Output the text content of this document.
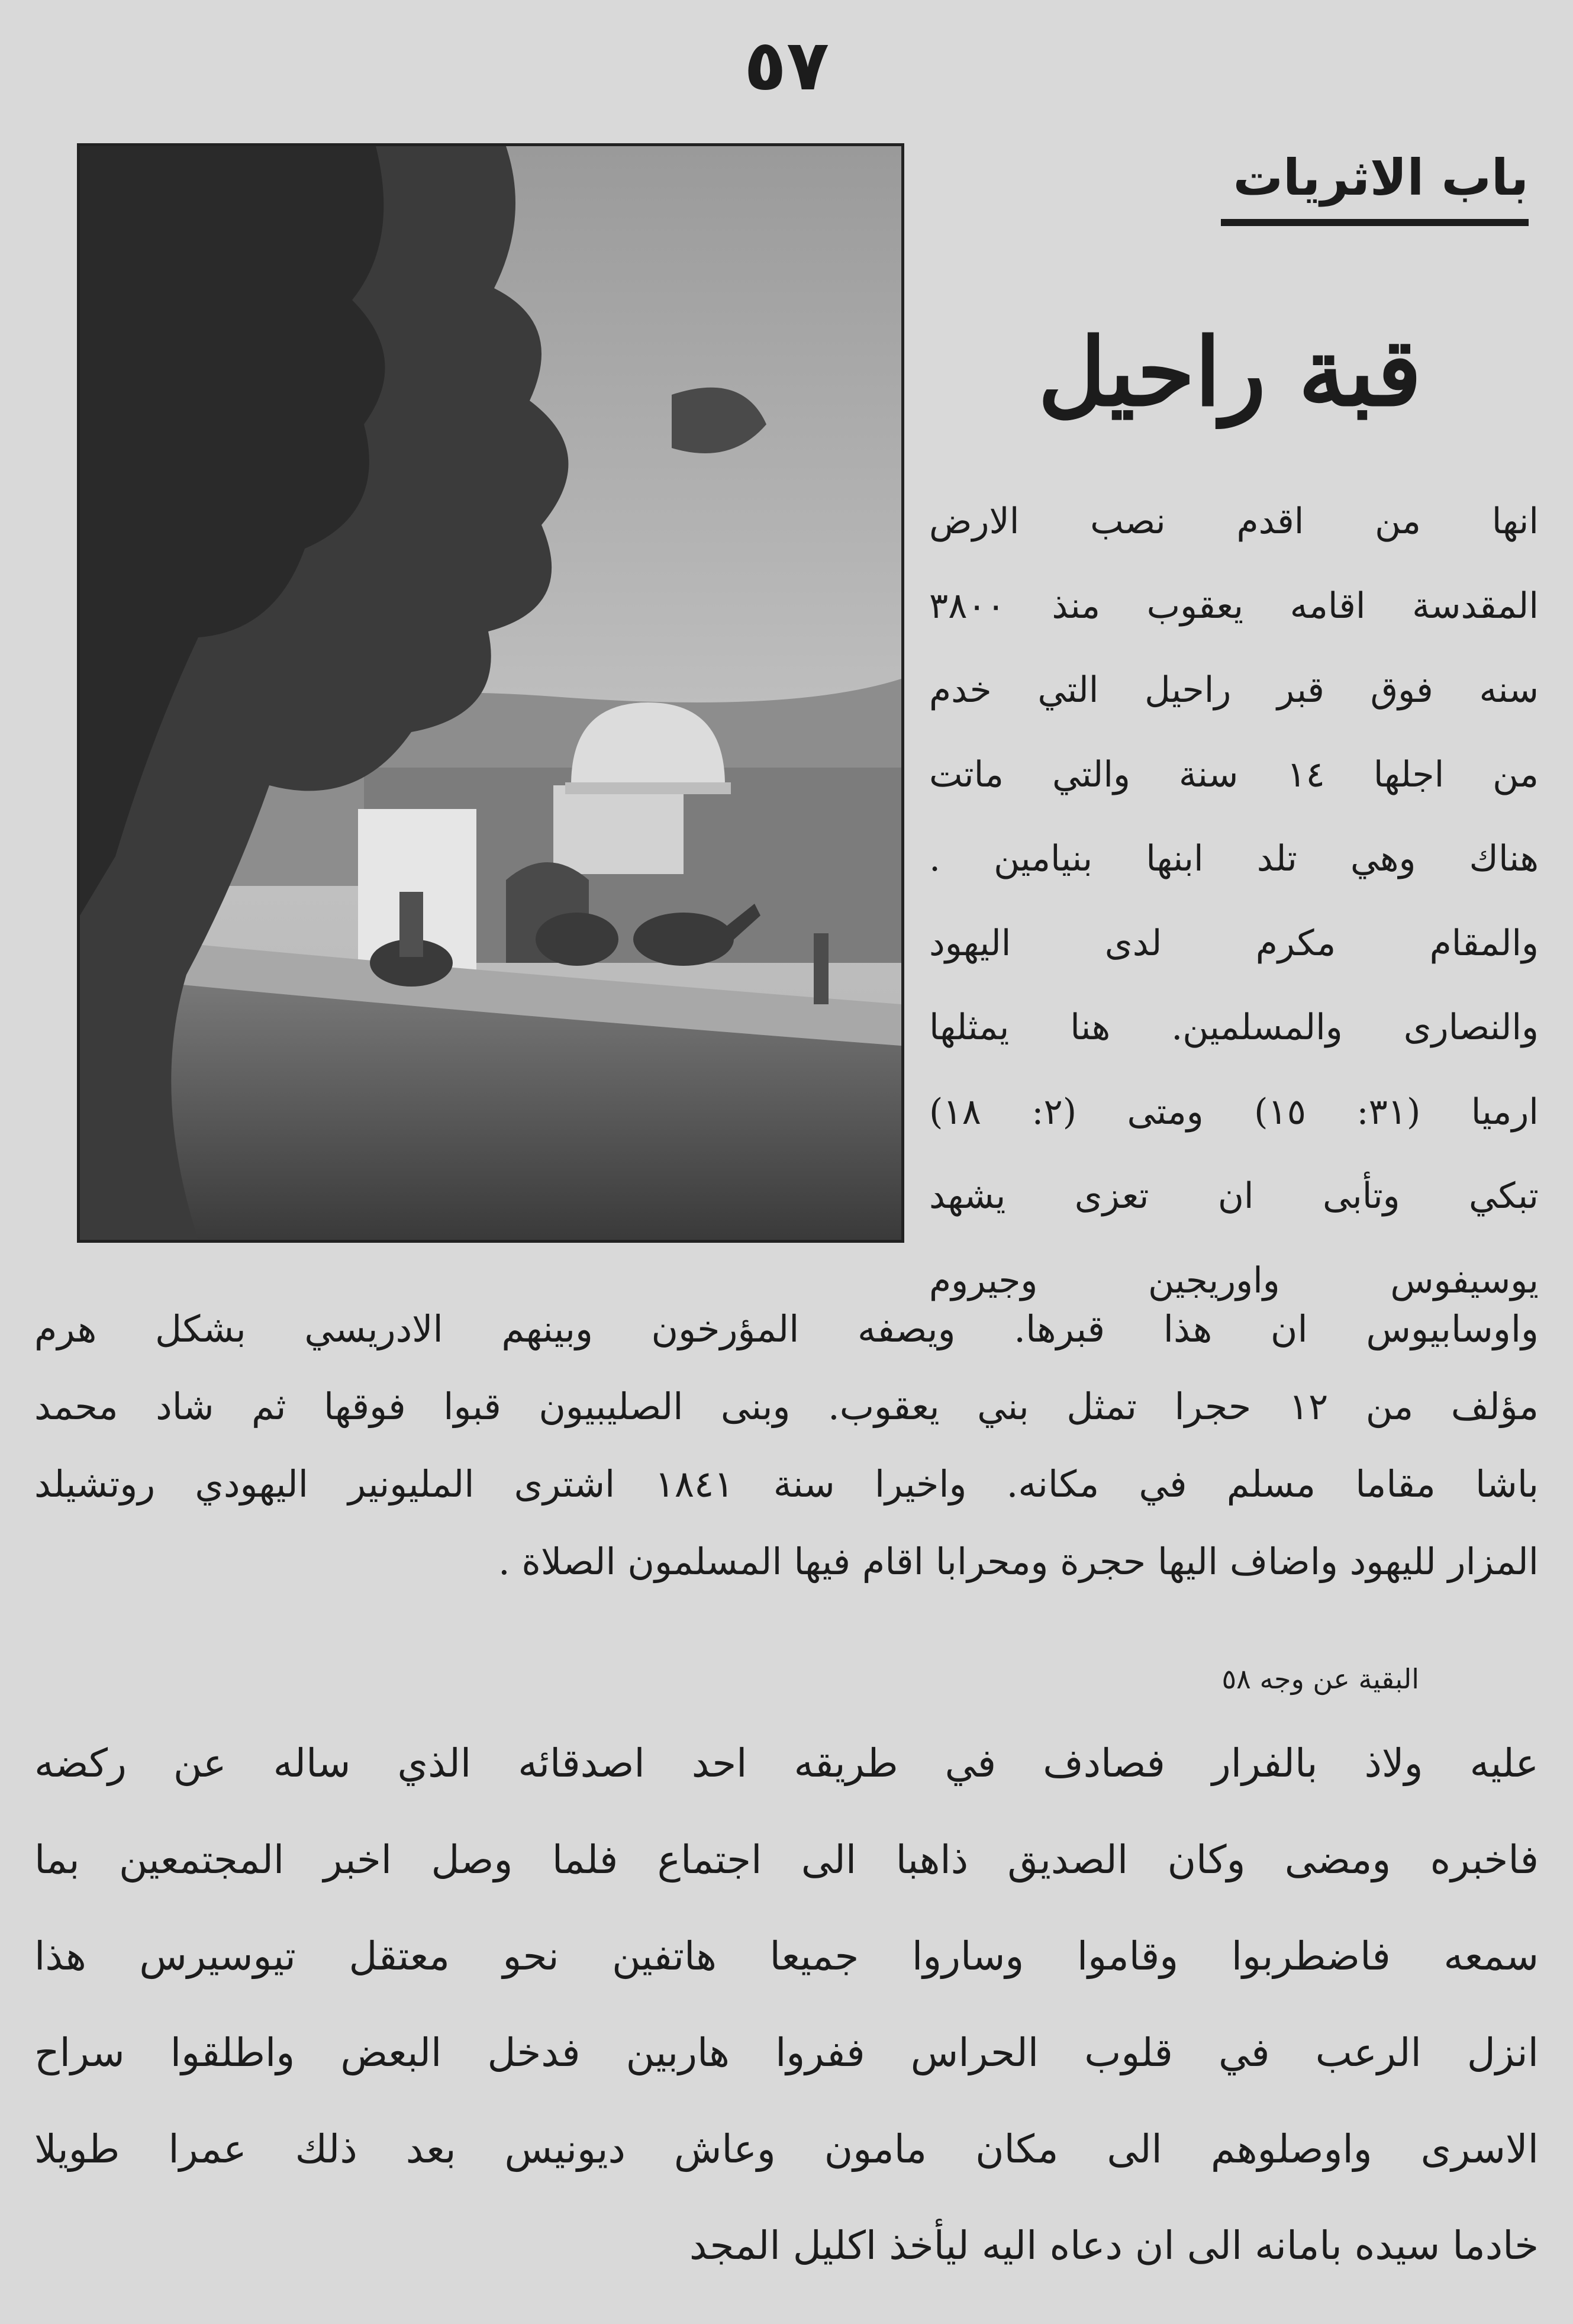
٥٧
باب الاثريات
قبة راحيل
انها من اقدم نصب الارض
المقدسة اقامه يعقوب منذ ٣٨٠٠
سنه فوق قبر راحيل التي خدم
من اجلها ١٤ سنة والتي ماتت
هناك وهي تلد ابنها بنيامين .
والمقام مكرم لدى اليهود
والنصارى والمسلمين. هنا يمثلها
ارميا (٣١: ١٥) ومتى (٢: ١٨)
تبكي وتأبى ان تعزى يشهد
يوسيفوس واوريجين وجيروم
واوسابيوس ان هذا قبرها. ويصفه المؤرخون وبينهم الادريسي بشكل هرم
مؤلف من ١٢ حجرا تمثل بني يعقوب. وبنى الصليبيون قبوا فوقها ثم شاد محمد
باشا مقاما مسلم في مكانه. واخيرا سنة ١٨٤١ اشترى المليونير اليهودي روتشيلد
المزار لليهود واضاف اليها حجرة ومحرابا اقام فيها المسلمون الصلاة .
البقية عن وجه ٥٨
عليه ولاذ بالفرار فصادف في طريقه احد اصدقائه الذي ساله عن ركضه
فاخبره ومضى وكان الصديق ذاهبا الى اجتماع فلما وصل اخبر المجتمعين بما
سمعه فاضطربوا وقاموا وساروا جميعا هاتفين نحو معتقل تيوسيرس هذا
انزل الرعب في قلوب الحراس ففروا هاربين فدخل البعض واطلقوا سراح
الاسرى واوصلوهم الى مكان مامون وعاش ديونيس بعد ذلك عمرا طويلا
خادما سيده بامانه الى ان دعاه اليه ليأخذ اكليل المجد
